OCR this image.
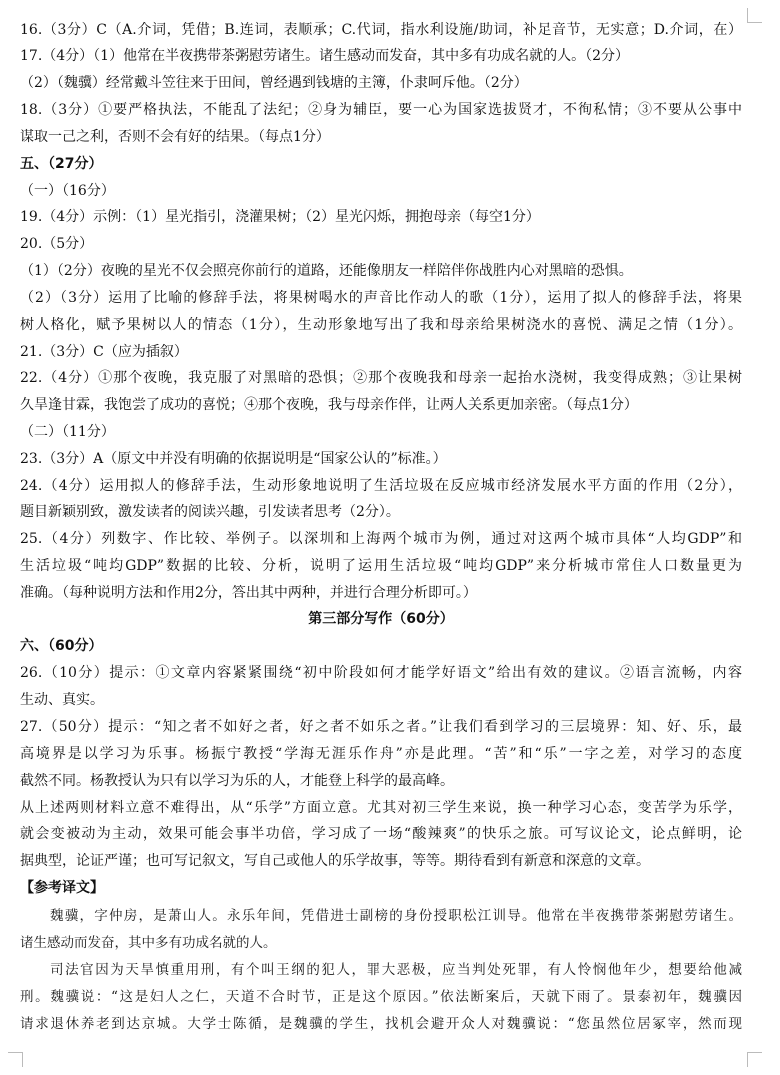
16.（3分）C（A.介词，凭借；B.连词，表顺承；C.代词，指水利设施/助词，补足音节，无实意；D.介词，在）
17.（4分）（1）他常在半夜携带茶粥慰劳诸生。诸生感动而发奋，其中多有功成名就的人。（2分）
（2）（魏骥）经常戴斗笠往来于田间，曾经遇到钱塘的主簿，仆隶呵斥他。（2分）
18.（3分）①要严格执法，不能乱了法纪；②身为辅臣，要一心为国家选拔贤才，不徇私情；③不要从公事中
谋取一己之利，否则不会有好的结果。（每点1分）
五、（27分）
（一）（16分）
19.（4分）示例：（1）星光指引，浇灌果树；（2）星光闪烁，拥抱母亲（每空1分）
20.（5分）
（1）（2分）夜晚的星光不仅会照亮你前行的道路，还能像朋友一样陪伴你战胜内心对黑暗的恐惧。
（2）（3分）运用了比喻的修辞手法，将果树喝水的声音比作动人的歌（1分），运用了拟人的修辞手法，将果
树人格化，赋予果树以人的情态（1分），生动形象地写出了我和母亲给果树浇水的喜悦、满足之情（1分）。
21.（3分）C（应为插叙）
22.（4分）①那个夜晚，我克服了对黑暗的恐惧；②那个夜晚我和母亲一起抬水浇树，我变得成熟；③让果树
久旱逢甘霖，我饱尝了成功的喜悦；④那个夜晚，我与母亲作伴，让两人关系更加亲密。（每点1分）
（二）（11分）
23.（3分）A（原文中并没有明确的依据说明是“国家公认的”标准。）
24.（4分）运用拟人的修辞手法，生动形象地说明了生活垃圾在反应城市经济发展水平方面的作用（2分），
题目新颖别致，激发读者的阅读兴趣，引发读者思考（2分）。
25.（4分）列数字、作比较、举例子。以深圳和上海两个城市为例，通过对这两个城市具体“人均GDP”和
生活垃圾“吨均GDP”数据的比较、分析，说明了运用生活垃圾“吨均GDP”来分析城市常住人口数量更为
准确。（每种说明方法和作用2分，答出其中两种，并进行合理分析即可。）
第三部分写作（60分）
六、（60分）
26.（10分）提示：①文章内容紧紧围绕“初中阶段如何才能学好语文”给出有效的建议。②语言流畅，内容
生动、真实。
27.（50分）提示：“知之者不如好之者，好之者不如乐之者。”让我们看到学习的三层境界：知、好、乐，最
高境界是以学习为乐事。杨振宁教授“学海无涯乐作舟”亦是此理。“苦”和“乐”一字之差，对学习的态度
截然不同。杨教授认为只有以学习为乐的人，才能登上科学的最高峰。
从上述两则材料立意不难得出，从“乐学”方面立意。尤其对初三学生来说，换一种学习心态，变苦学为乐学，
就会变被动为主动，效果可能会事半功倍，学习成了一场“酸辣爽”的快乐之旅。可写议论文，论点鲜明，论
据典型，论证严谨；也可写记叙文，写自己或他人的乐学故事，等等。期待看到有新意和深意的文章。
【参考译文】
魏骥，字仲房，是萧山人。永乐年间，凭借进士副榜的身份授职松江训导。他常在半夜携带茶粥慰劳诸生。
诸生感动而发奋，其中多有功成名就的人。
司法官因为天旱慎重用刑，有个叫王纲的犯人，罪大恶极，应当判处死罪，有人怜悯他年少，想要给他减
刑。魏骥说：“这是妇人之仁，天道不合时节，正是这个原因。”依法断案后，天就下雨了。景泰初年，魏骥因
请求退休养老到达京城。大学士陈循，是魏骥的学生，找机会避开众人对魏骥说：“您虽然位居冢宰，然而现
